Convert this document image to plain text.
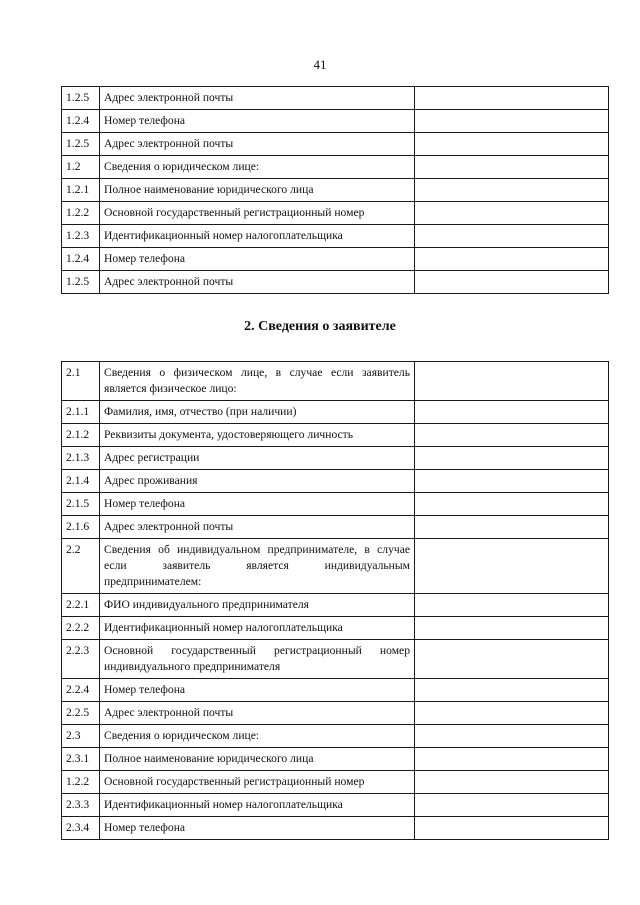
41
1.2.5	Адрес электронной почты	
1.2.4	Номер телефона	
1.2.5	Адрес электронной почты	
1.2	Сведения о юридическом лице:	
1.2.1	Полное наименование юридического лица	
1.2.2	Основной государственный регистрационный номер	
1.2.3	Идентификационный номер налогоплательщика	
1.2.4	Номер телефона	
1.2.5	Адрес электронной почты	
2. Сведения о заявителе
2.1	Сведения о физическом лице, в случае если заявитель является физическое лицо:	
2.1.1	Фамилия, имя, отчество (при наличии)	
2.1.2	Реквизиты документа, удостоверяющего личность	
2.1.3	Адрес регистрации	
2.1.4	Адрес проживания	
2.1.5	Номер телефона	
2.1.6	Адрес электронной почты	
2.2	Сведения об индивидуальном предпринимателе, в случае если заявитель является индивидуальным предпринимателем:	
2.2.1	ФИО индивидуального предпринимателя	
2.2.2	Идентификационный номер налогоплательщика	
2.2.3	Основной государственный регистрационный номер индивидуального предпринимателя	
2.2.4	Номер телефона	
2.2.5	Адрес электронной почты	
2.3	Сведения о юридическом лице:	
2.3.1	Полное наименование юридического лица	
1.2.2	Основной государственный регистрационный номер	
2.3.3	Идентификационный номер налогоплательщика	
2.3.4	Номер телефона	
